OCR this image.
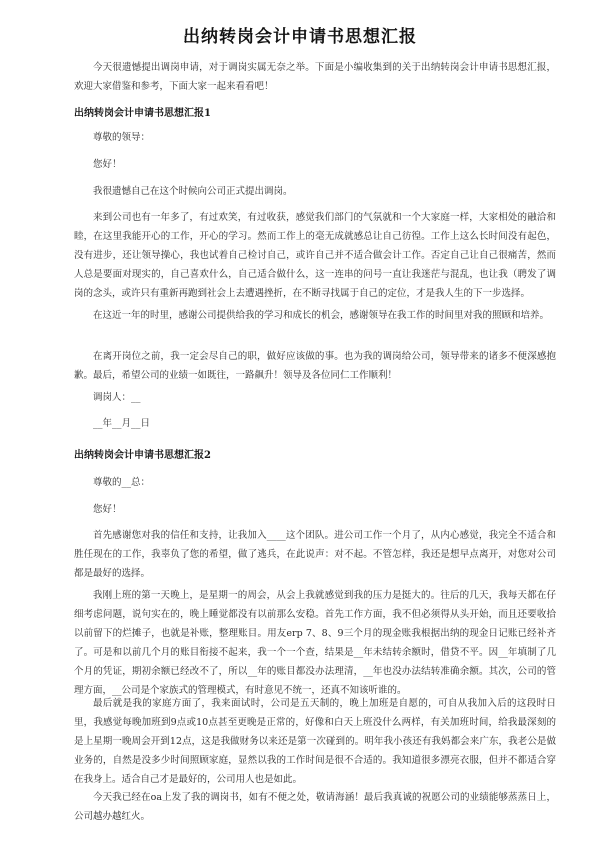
出纳转岗会计申请书思想汇报
今天很遗憾提出调岗申请，对于调岗实属无奈之举。下面是小编收集到的关于出纳转岗会计申请书思想汇报，欢迎大家借鉴和参考，下面大家一起来看看吧！
出纳转岗会计申请书思想汇报1
尊敬的领导：
您好！
我很遗憾自己在这个时候向公司正式提出调岗。
来到公司也有一年多了，有过欢笑，有过收获，感觉我们部门的气氛就和一个大家庭一样，大家相处的融洽和睦，在这里我能开心的工作，开心的学习。然而工作上的毫无成就感总让自己彷徨。工作上这么长时间没有起色，没有进步，还让领导操心，我也试着自己检讨自己，或许自己并不适合做会计工作。否定自己让自己很痛苦，然而人总是要面对现实的，自己喜欢什么，自己适合做什么，这一连串的问号一直让我迷茫与混乱，也让我（聘发了调岗的念头，或许只有重新再跑到社会上去遭遇挫折，在不断寻找属于自己的定位，才是我人生的下一步选择。
在这近一年的时里，感谢公司提供给我的学习和成长的机会，感谢领导在我工作的时间里对我的照顾和培养。
在离开岗位之前，我一定会尽自己的职，做好应该做的事。也为我的调岗给公司，领导带来的诸多不便深感抱歉。最后，希望公司的业绩一如既往，一路飙升！领导及各位同仁工作顺利！
调岗人：__
__年__月__日
出纳转岗会计申请书思想汇报2
尊敬的__总：
您好！
首先感谢您对我的信任和支持，让我加入____这个团队。进公司工作一个月了，从内心感觉，我完全不适合和胜任现在的工作，我辜负了您的希望，做了逃兵，在此说声：对不起。不管怎样，我还是想早点离开，对您对公司都是最好的选择。
我刚上班的第一天晚上，是星期一的周会，从会上我就感觉到我的压力是挺大的。往后的几天，我每天都在仔细考虑问题，说句实在的，晚上睡觉都没有以前那么安稳。首先工作方面，我不但必须得从头开始，而且还要收拾以前留下的烂摊子，也就是补账，整理账目。用友erp 7、8、9三个月的现金账我根据出纳的现金日记账已经补齐了。可是和以前几个月的账目衔接不起来，我一个一个查，结果是__年未结转余额时，借贷不平。因__年填制了几个月的凭证，期初余额已经改不了，所以__年的账目都没办法理清，__年也没办法结转准确余额。其次，公司的管理方面，__公司是个家族式的管理模式，有时意见不统一，还真不知该听谁的。
最后就是我的家庭方面了，我来面试时，公司是五天制的，晚上加班是自愿的，可自从我加入后的这段时日里，我感觉每晚加班到9点或10点甚至更晚是正常的，好像和白天上班没什么两样，有关加班时间，给我最深刻的是上星期一晚周会开到12点，这是我做财务以来还是第一次碰到的。明年我小孩还有我妈都会来广东，我老公是做业务的，自然是没多少时间照顾家庭，显然以我的工作时间是很不合适的。我知道很多漂亮衣服，但并不都适合穿在我身上。适合自己才是最好的，公司用人也是如此。
今天我已经在oa上发了我的调岗书，如有不便之处，敬请海涵！最后我真诚的祝愿公司的业绩能够蒸蒸日上，公司越办越红火。
